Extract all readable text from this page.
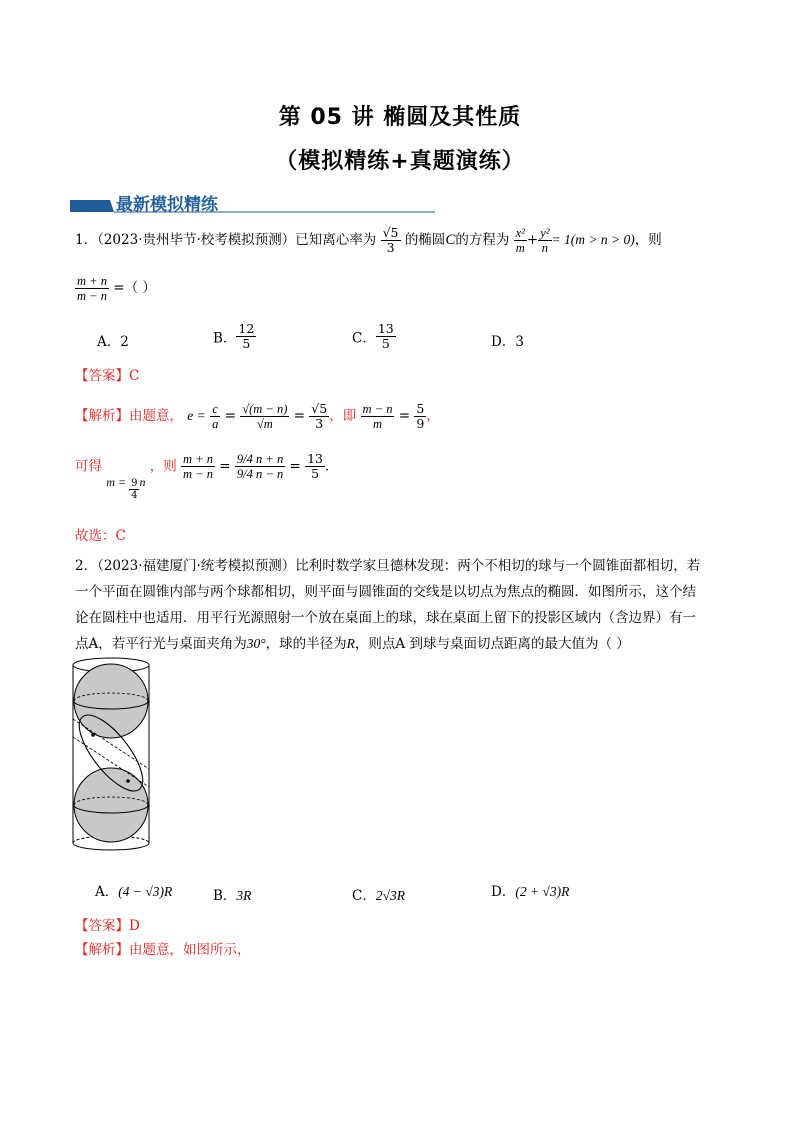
第 05 讲 椭圆及其性质
（模拟精练+真题演练）
最新模拟精练
1．（2023·贵州毕节·校考模拟预测）已知离心率为 $\frac{√5}{3}$ 的椭圆C的方程为 $\frac{\text{x²}}{m} + \frac{\text{y²}}{n} = 1(m > n > 0)$，则
$\frac{m + n}{m - n}$ =（ ）
A．2	B． $\frac{12}{5}$	C． $\frac{13}{5}$	D．3
【答案】C
【解析】由题意， $e = \frac{c}{a} = \frac{√(m - n)}{√m} = \frac{√5}{3}$ ，即 $\frac{m - n}{m} = \frac{5}{9}$ ，
可得 $m = \frac{9}{4}$ n ，则 $\frac{m + n}{m - n} = \frac{9/4 n + n}{9/4 n - n} = \frac{13}{5}$ ．
故选：C
2．（2023·福建厦门·统考模拟预测）比利时数学家旦德林发现：两个不相切的球与一个圆锥面都相切，若
一个平面在圆锥内部与两个球都相切，则平面与圆锥面的交线是以切点为焦点的椭圆．如图所示，这个结
论在圆柱中也适用．用平行光源照射一个放在桌面上的球，球在桌面上留下的投影区域内（含边界）有一
点A，若平行光与桌面夹角为30°，球的半径为R，则点A 到球与桌面切点距离的最大值为（ ）
A．(4 − √3)R	B．3R	C．2√3R	D．(2 + √3)R
【答案】D
【解析】由题意，如图所示，
